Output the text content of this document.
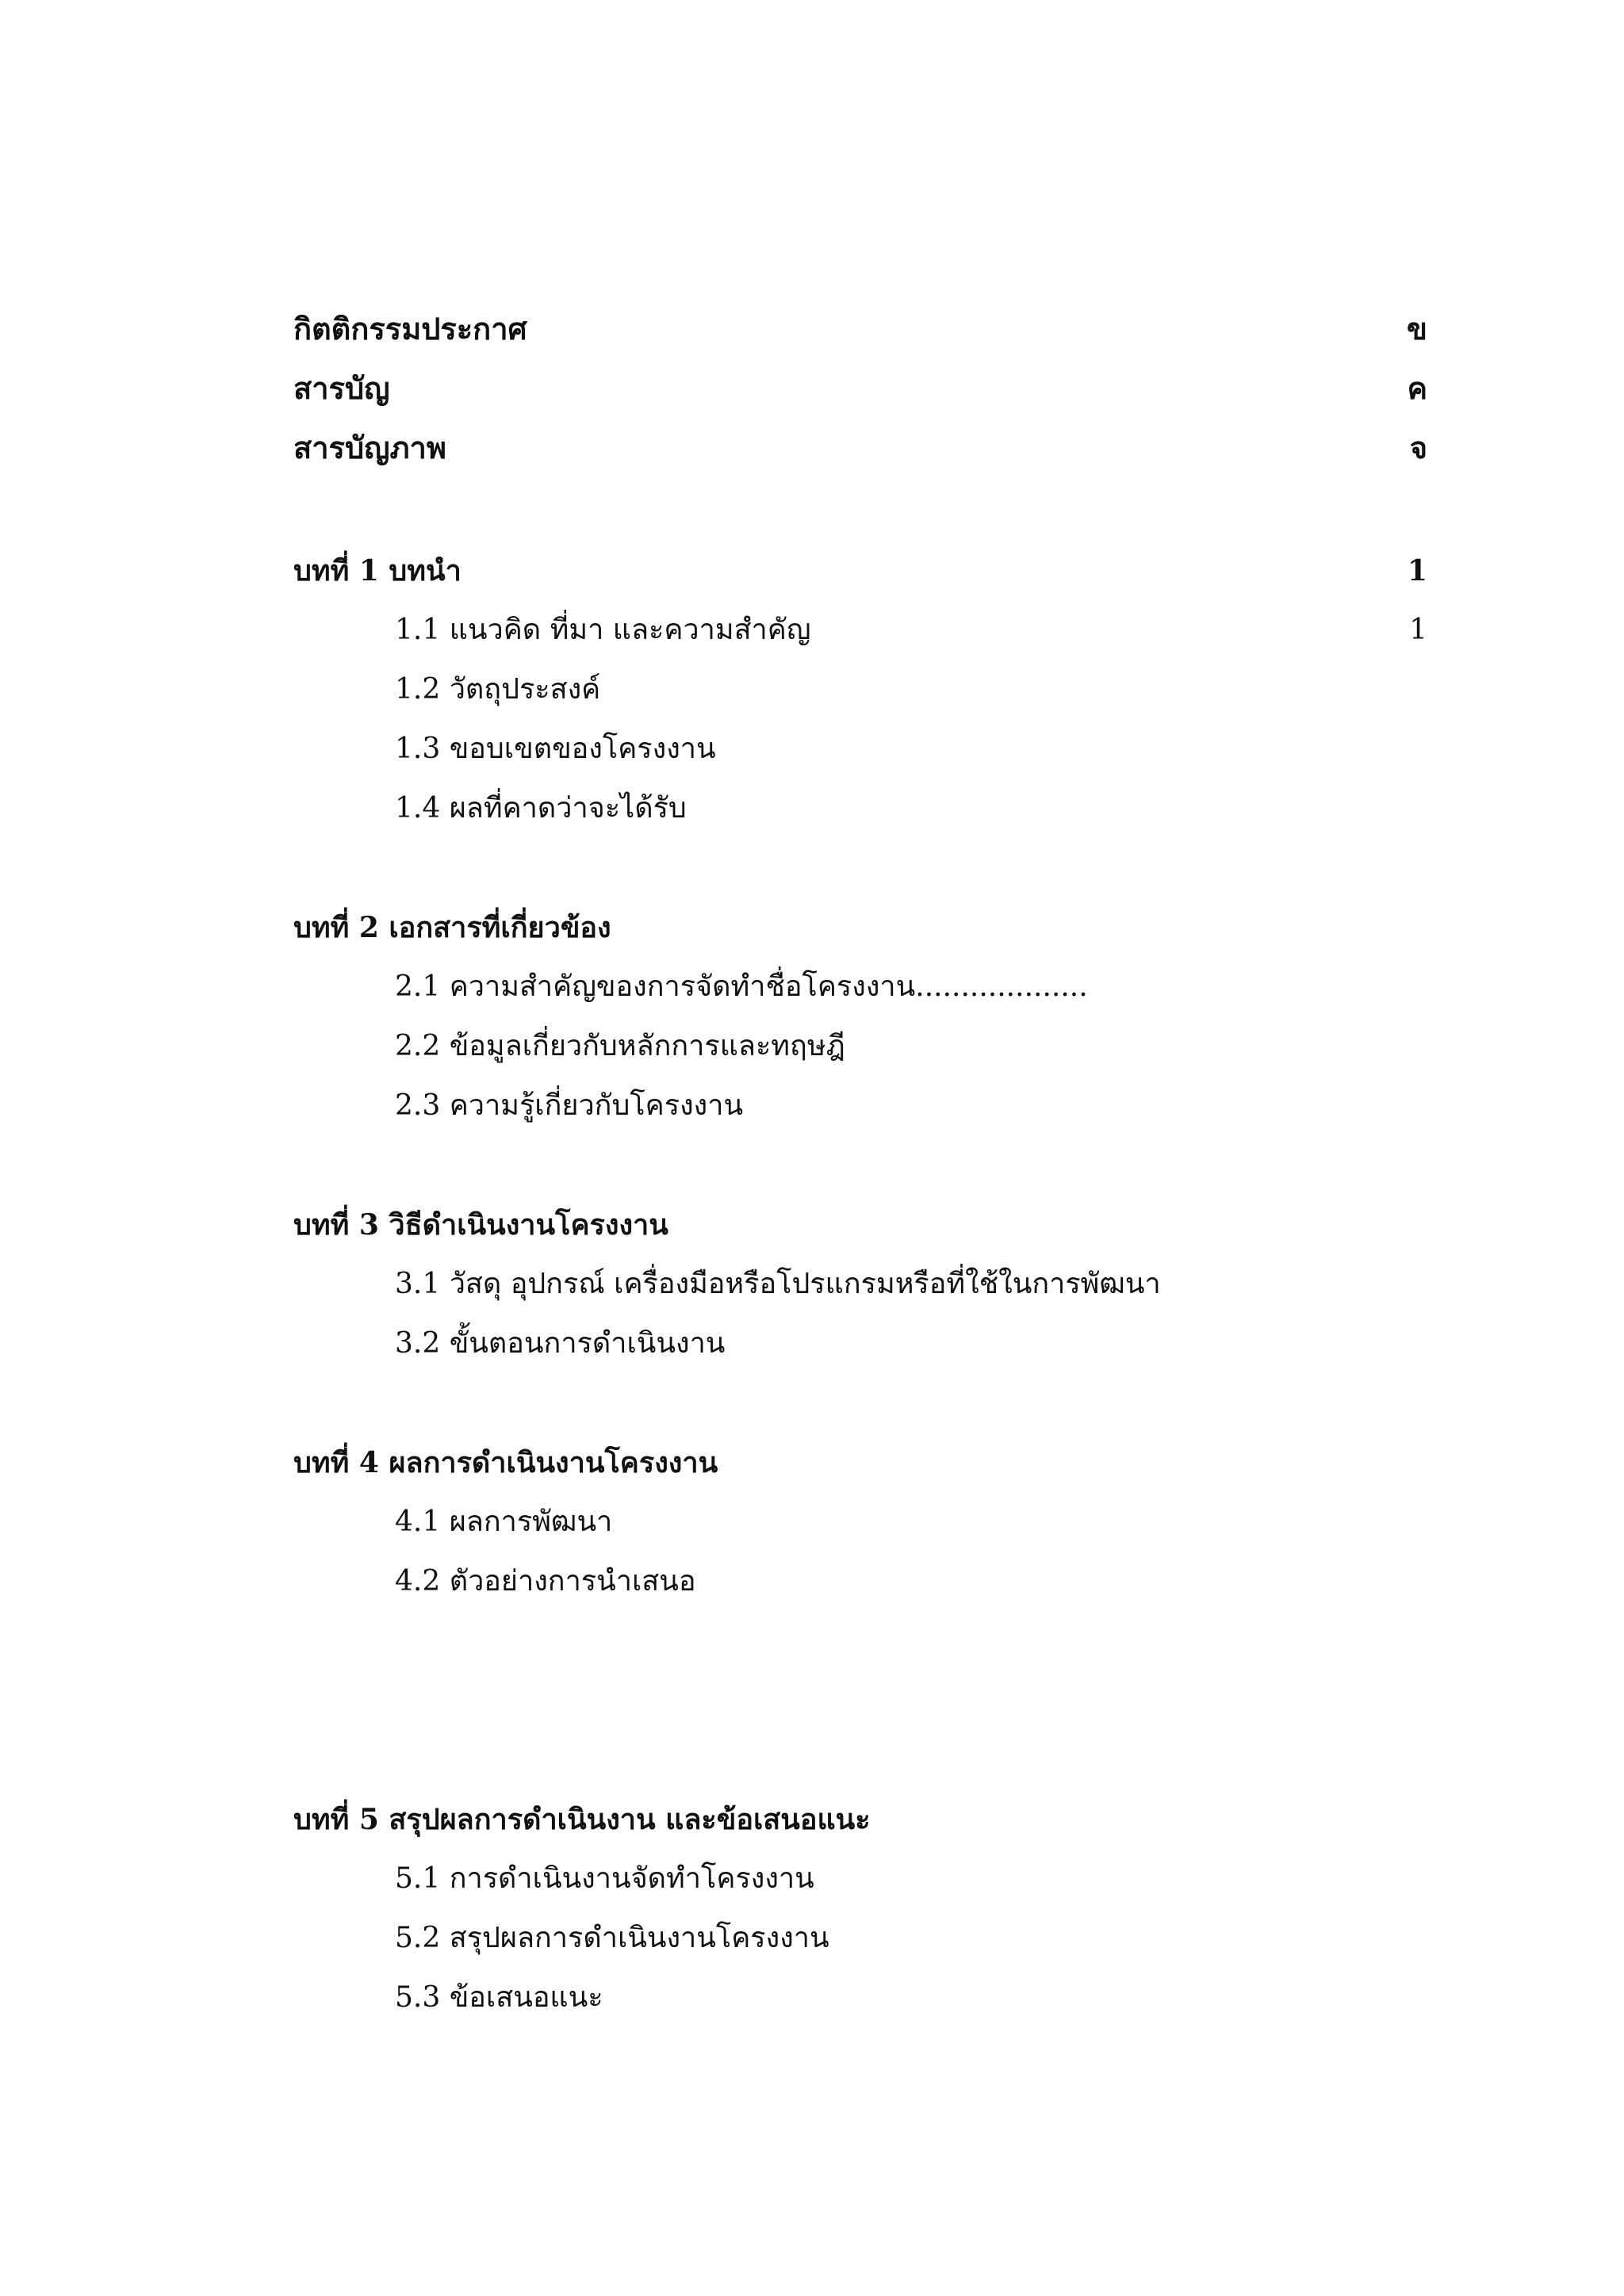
กิตติกรรมประกาศ	ข
สารบัญ	ค
สารบัญภาพ	จ
บทที่ 1 บทนำ	1
1.1 แนวคิด ที่มา และความสำคัญ	1
1.2 วัตถุประสงค์
1.3 ขอบเขตของโครงงาน
1.4 ผลที่คาดว่าจะได้รับ
บทที่ 2 เอกสารที่เกี่ยวข้อง
2.1 ความสำคัญของการจัดทำชื่อโครงงาน...................
2.2 ข้อมูลเกี่ยวกับหลักการและทฤษฎี
2.3 ความรู้เกี่ยวกับโครงงาน
บทที่ 3 วิธีดำเนินงานโครงงาน
3.1 วัสดุ อุปกรณ์ เครื่องมือหรือโปรแกรมหรือที่ใช้ในการพัฒนา
3.2 ขั้นตอนการดำเนินงาน
บทที่ 4 ผลการดำเนินงานโครงงาน
4.1 ผลการพัฒนา
4.2 ตัวอย่างการนำเสนอ
บทที่ 5 สรุปผลการดำเนินงาน และข้อเสนอแนะ
5.1 การดำเนินงานจัดทำโครงงาน
5.2 สรุปผลการดำเนินงานโครงงาน
5.3 ข้อเสนอแนะ
